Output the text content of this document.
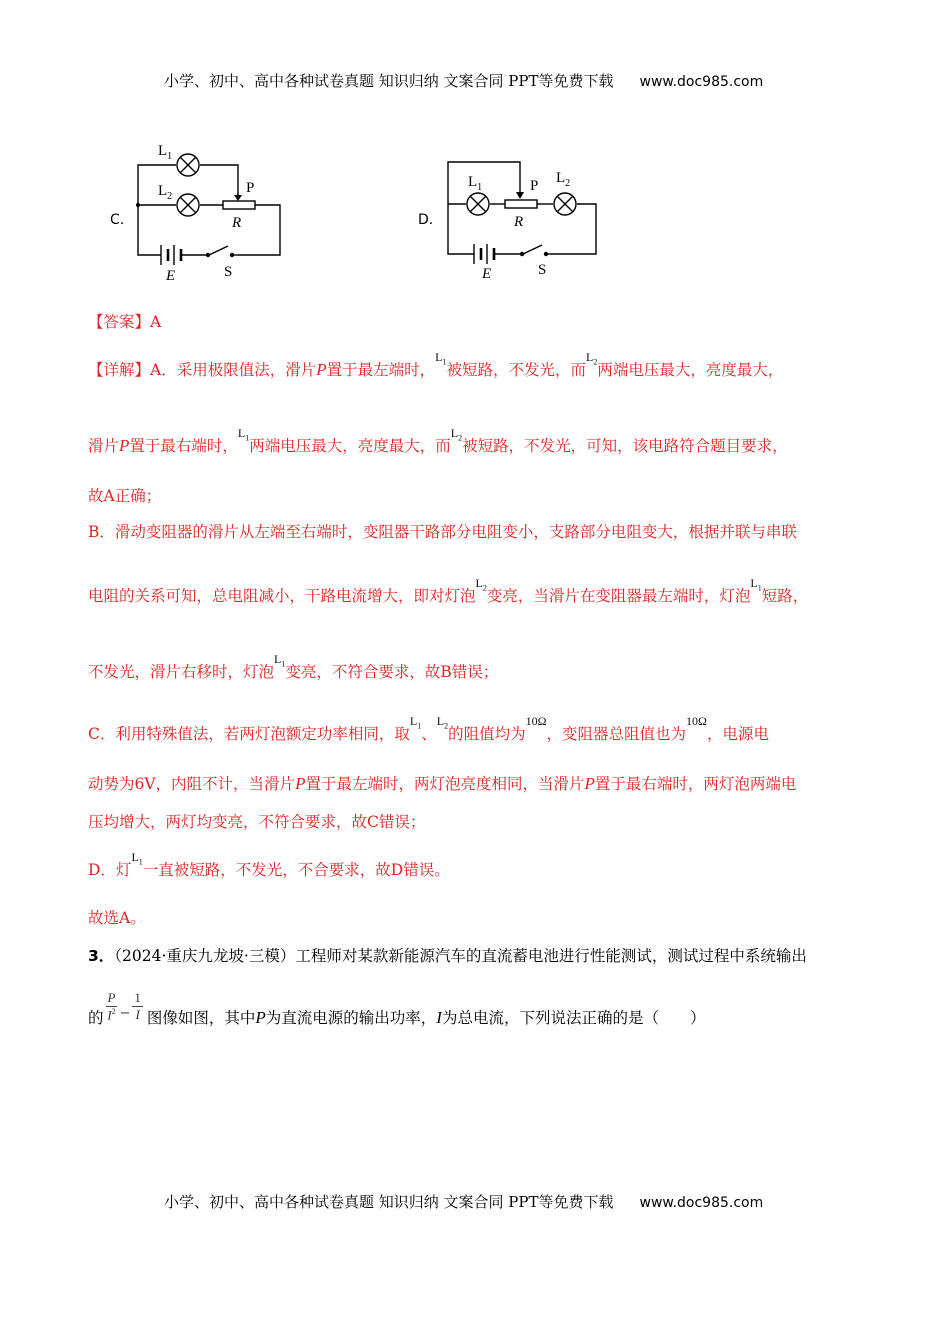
小学、初中、高中各种试卷真题 知识归纳 文案合同 PPT等免费下载 www.doc985.com
C.
$L_1$
$L_2$
P
R
E	S
D.
$L_1$
$L_2$
P
R
E	S
【答案】A
【详解】A．采用极限值法，滑片P置于最左端时，$^{L_1}$被短路，不发光，而$^{L_2}$两端电压最大，亮度最大，
滑片P置于最右端时，$^{L_1}$两端电压最大，亮度最大，而$^{L_2}$被短路，不发光，可知，该电路符合题目要求，
故A正确；
B．滑动变阻器的滑片从左端至右端时，变阻器干路部分电阻变小，支路部分电阻变大，根据并联与串联
电阻的关系可知，总电阻减小，干路电流增大，即对灯泡$^{L_2}$变亮，当滑片在变阻器最左端时，灯泡$^{L_1}$短路，
不发光，滑片右移时，灯泡$^{L_1}$变亮，不符合要求，故B错误；
C．利用特殊值法，若两灯泡额定功率相同，取$^{L_1}$、$^{L_2}$的阻值均为$^{10\Omega}$，变阻器总阻值也为$^{10\Omega}$，电源电
动势为6V，内阻不计，当滑片P置于最左端时，两灯泡亮度相同，当滑片P置于最右端时，两灯泡两端电
压均增大，两灯均变亮，不符合要求，故C错误；
D．灯$^{L_1}$一直被短路，不发光，不合要求，故D错误。
故选A。
3．（2024·重庆九龙坡·三模）工程师对某款新能源汽车的直流蓄电池进行性能测试，测试过程中系统输出
的 $\frac{P}{I^2} _- \frac{1}{I}$ 图像如图，其中P为直流电源的输出功率，I为总电流，下列说法正确的是（　　）
小学、初中、高中各种试卷真题 知识归纳 文案合同 PPT等免费下载 www.doc985.com
